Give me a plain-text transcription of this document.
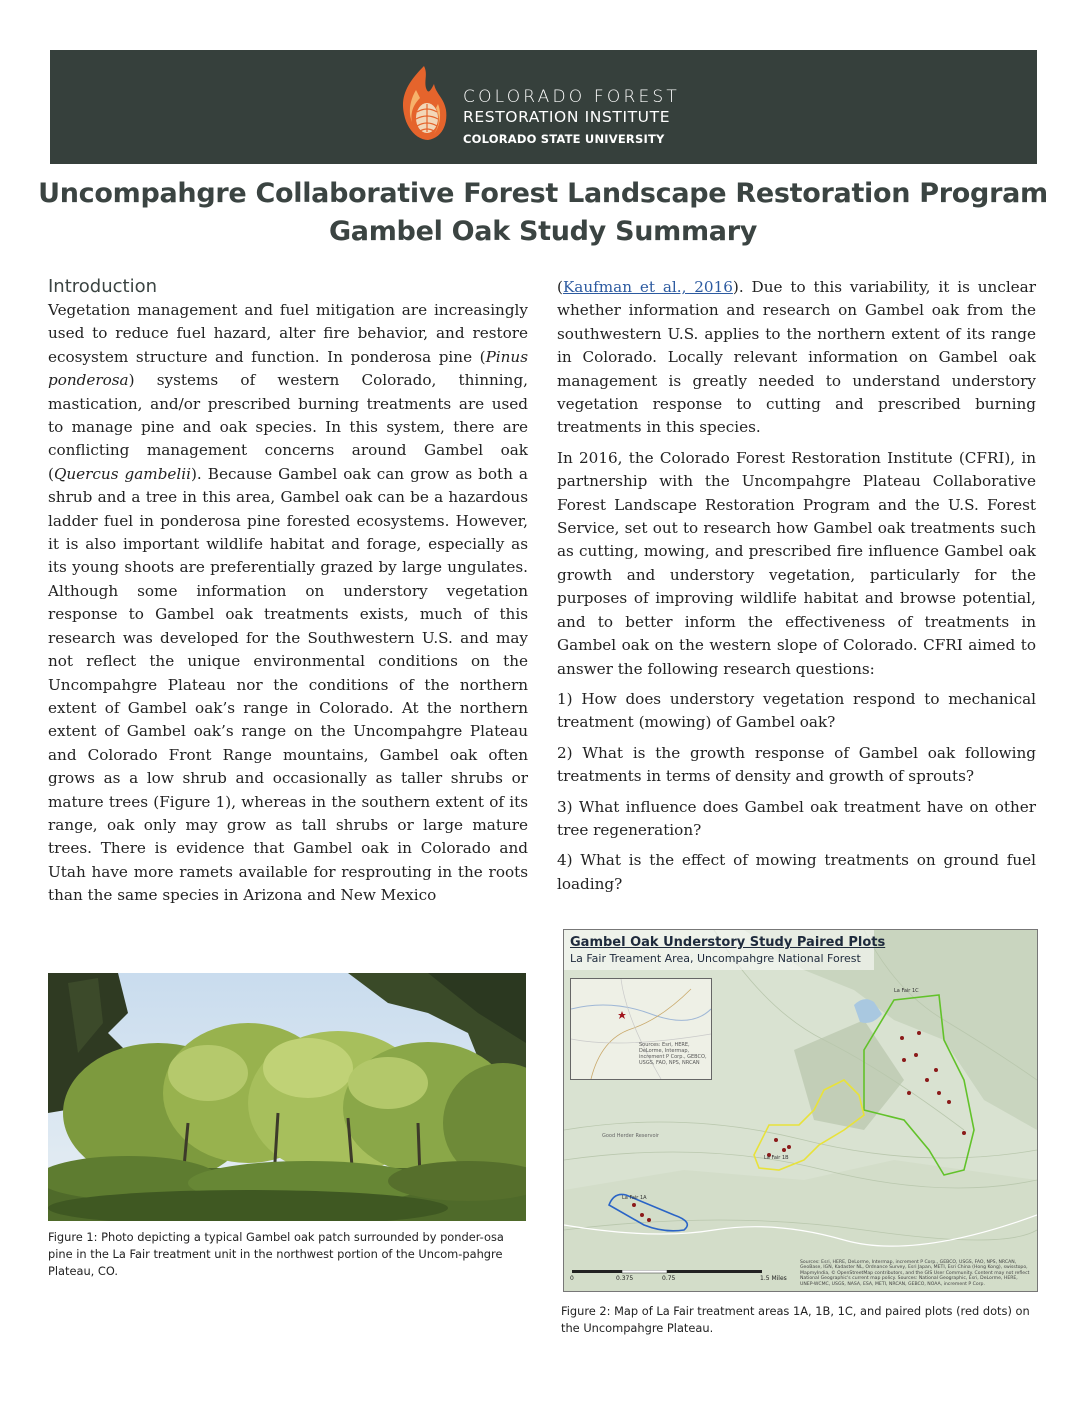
COLORADO FOREST
RESTORATION INSTITUTE
COLORADO STATE UNIVERSITY
Uncompahgre Collaborative Forest Landscape Restoration Program
Gambel Oak Study Summary
Introduction

Vegetation management and fuel mitigation are increasingly used to reduce fuel hazard, alter fire behavior, and restore ecosystem structure and function. In ponderosa pine (Pinus ponderosa) systems of western Colorado, thinning, mastication, and/or prescribed burning treatments are used to manage pine and oak species. In this system, there are conflicting management concerns around Gambel oak (Quercus gambelii). Because Gambel oak can grow as both a shrub and a tree in this area, Gambel oak can be a hazardous ladder fuel in ponderosa pine forested ecosystems. However, it is also important wildlife habitat and forage, especially as its young shoots are preferentially grazed by large ungulates. Although some information on understory vegetation response to Gambel oak treatments exists, much of this research was developed for the Southwestern U.S. and may not reflect the unique environmental conditions on the Uncompahgre Plateau nor the conditions of the northern extent of Gambel oak’s range in Colorado. At the northern extent of Gambel oak’s range on the Uncompahgre Plateau and Colorado Front Range mountains, Gambel oak often grows as a low shrub and occasionally as taller shrubs or mature trees (Figure 1), whereas in the southern extent of its range, oak only may grow as tall shrubs or large mature trees. There is evidence that Gambel oak in Colorado and Utah have more ramets available for resprouting in the roots than the same species in Arizona and New Mexico

(Kaufman et al., 2016). Due to this variability, it is unclear whether information and research on Gambel oak from the southwestern U.S. applies to the northern extent of its range in Colorado. Locally relevant information on Gambel oak management is greatly needed to understand understory vegetation response to cutting and prescribed burning treatments in this species.

In 2016, the Colorado Forest Restoration Institute (CFRI), in partnership with the Uncompahgre Plateau Collaborative Forest Landscape Restoration Program and the U.S. Forest Service, set out to research how Gambel oak treatments such as cutting, mowing, and prescribed fire influence Gambel oak growth and understory vegetation, particularly for the purposes of improving wildlife habitat and browse potential, and to better inform the effectiveness of treatments in Gambel oak on the western slope of Colorado. CFRI aimed to answer the following research questions:

1) How does understory vegetation respond to mechanical treatment (mowing) of Gambel oak?

2) What is the growth response of Gambel oak following treatments in terms of density and growth of sprouts?

3) What influence does Gambel oak treatment have on other tree regeneration?

4) What is the effect of mowing treatments on ground fuel loading?

Figure 1: Photo depicting a typical Gambel oak patch surrounded by ponder-osa pine in the La Fair treatment unit in the northwest portion of the Uncom-pahgre Plateau, CO.
Gambel Oak Understory Study Paired Plots
La Fair Treament Area, Uncompahgre National Forest
Sources: Esri, HERE, DeLorme, Intermap, increment P Corp., GEBCO, USGS, FAO, NPS, NRCAN
La Fair 1A
La Fair 1B
La Fair 1C
Good Herder Reservoir
0	0.375	0.75	1.5 Miles
Sources: Esri, HERE, DeLorme, Intermap, increment P Corp., GEBCO, USGS, FAO, NPS, NRCAN, GeoBase, IGN, Kadaster NL, Ordnance Survey, Esri Japan, METI, Esri China (Hong Kong), swisstopo, MapmyIndia, © OpenStreetMap contributors, and the GIS User Community. Content may not reflect National Geographic's current map policy. Sources: National Geographic, Esri, DeLorme, HERE, UNEP-WCMC, USGS, NASA, ESA, METI, NRCAN, GEBCO, NOAA, increment P Corp.
Figure 2: Map of La Fair treatment areas 1A, 1B, 1C, and paired plots (red dots) on the Uncompahgre Plateau.
